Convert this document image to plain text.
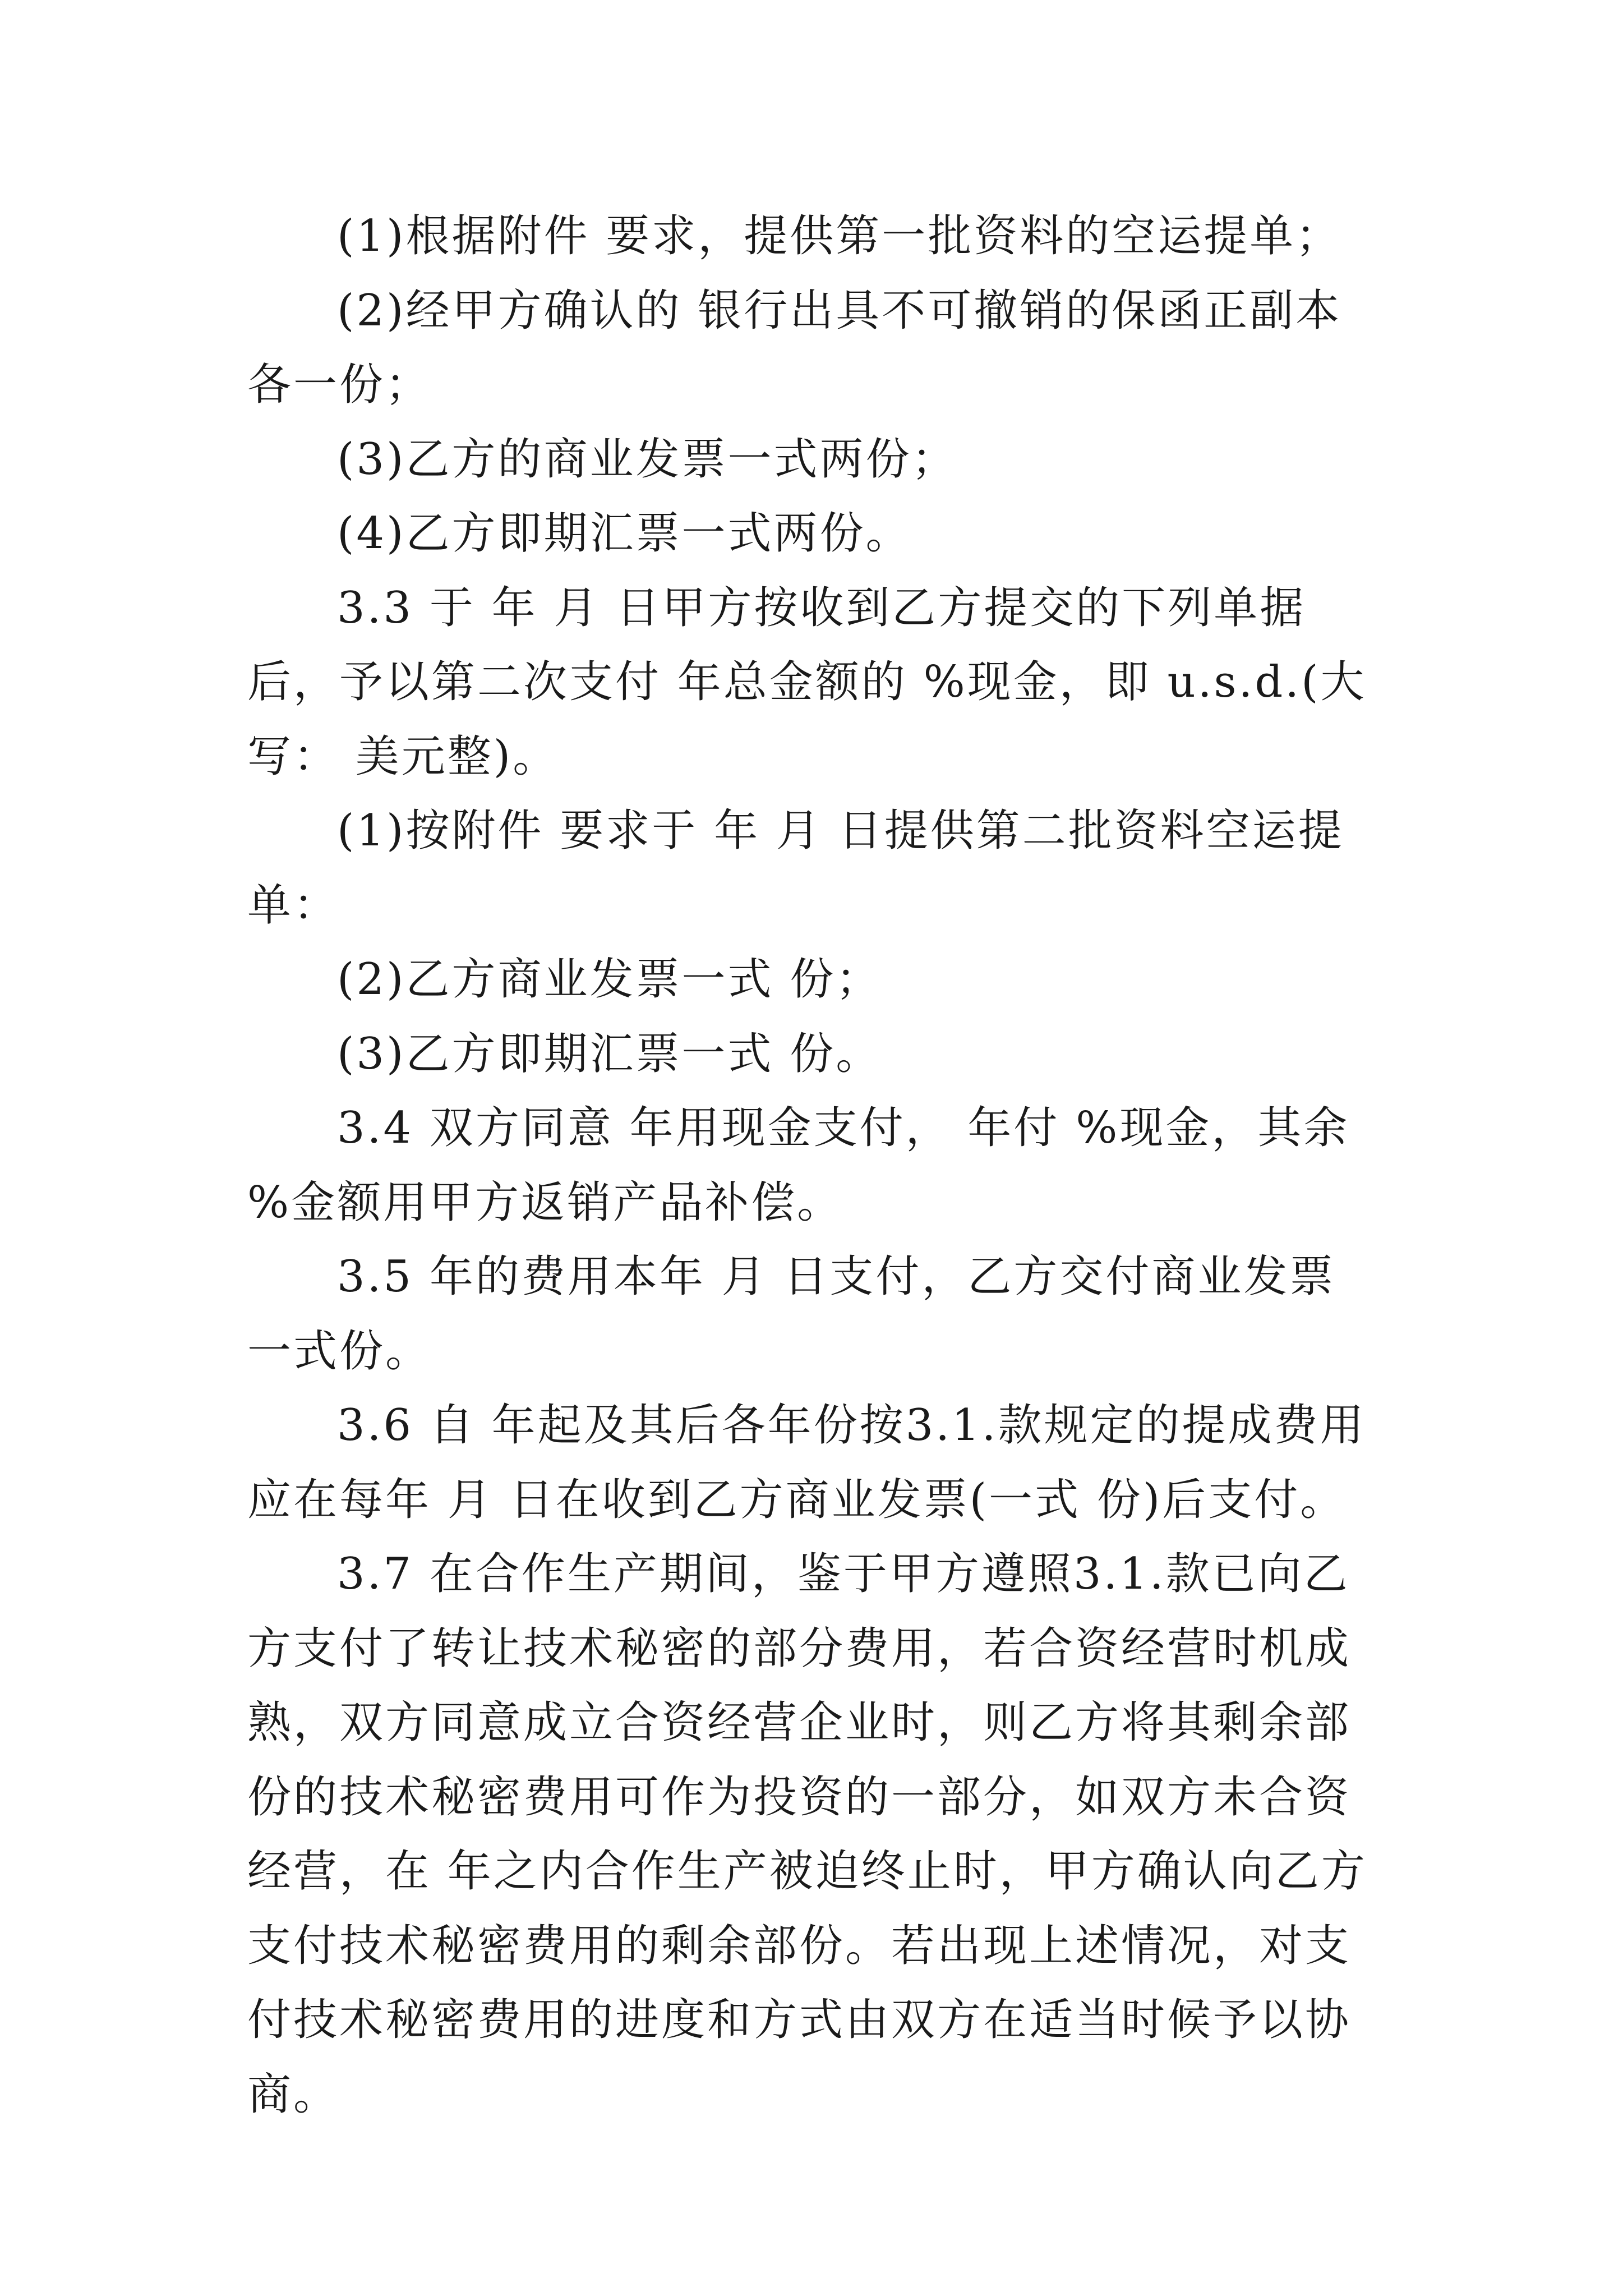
(1)根据附件 要求，提供第一批资料的空运提单；

(2)经甲方确认的 银行出具不可撤销的保函正副本各一份；

(3)乙方的商业发票一式两份；

(4)乙方即期汇票一式两份。

3.3 于 年 月 日甲方按收到乙方提交的下列单据后，予以第二次支付 年总金额的 %现金，即 u.s.d.(大写： 美元整)。

(1)按附件 要求于 年 月 日提供第二批资料空运提单：

(2)乙方商业发票一式 份；

(3)乙方即期汇票一式 份。

3.4 双方同意 年用现金支付， 年付 %现金，其余 %金额用甲方返销产品补偿。

3.5 年的费用本年 月 日支付，乙方交付商业发票一式份。

3.6 自 年起及其后各年份按3.1.款规定的提成费用应在每年 月 日在收到乙方商业发票(一式 份)后支付。

3.7 在合作生产期间，鉴于甲方遵照3.1.款已向乙方支付了转让技术秘密的部分费用，若合资经营时机成熟，双方同意成立合资经营企业时，则乙方将其剩余部份的技术秘密费用可作为投资的一部分，如双方未合资经营，在 年之内合作生产被迫终止时，甲方确认向乙方支付技术秘密费用的剩余部份。若出现上述情况，对支付技术秘密费用的进度和方式由双方在适当时候予以协商。
